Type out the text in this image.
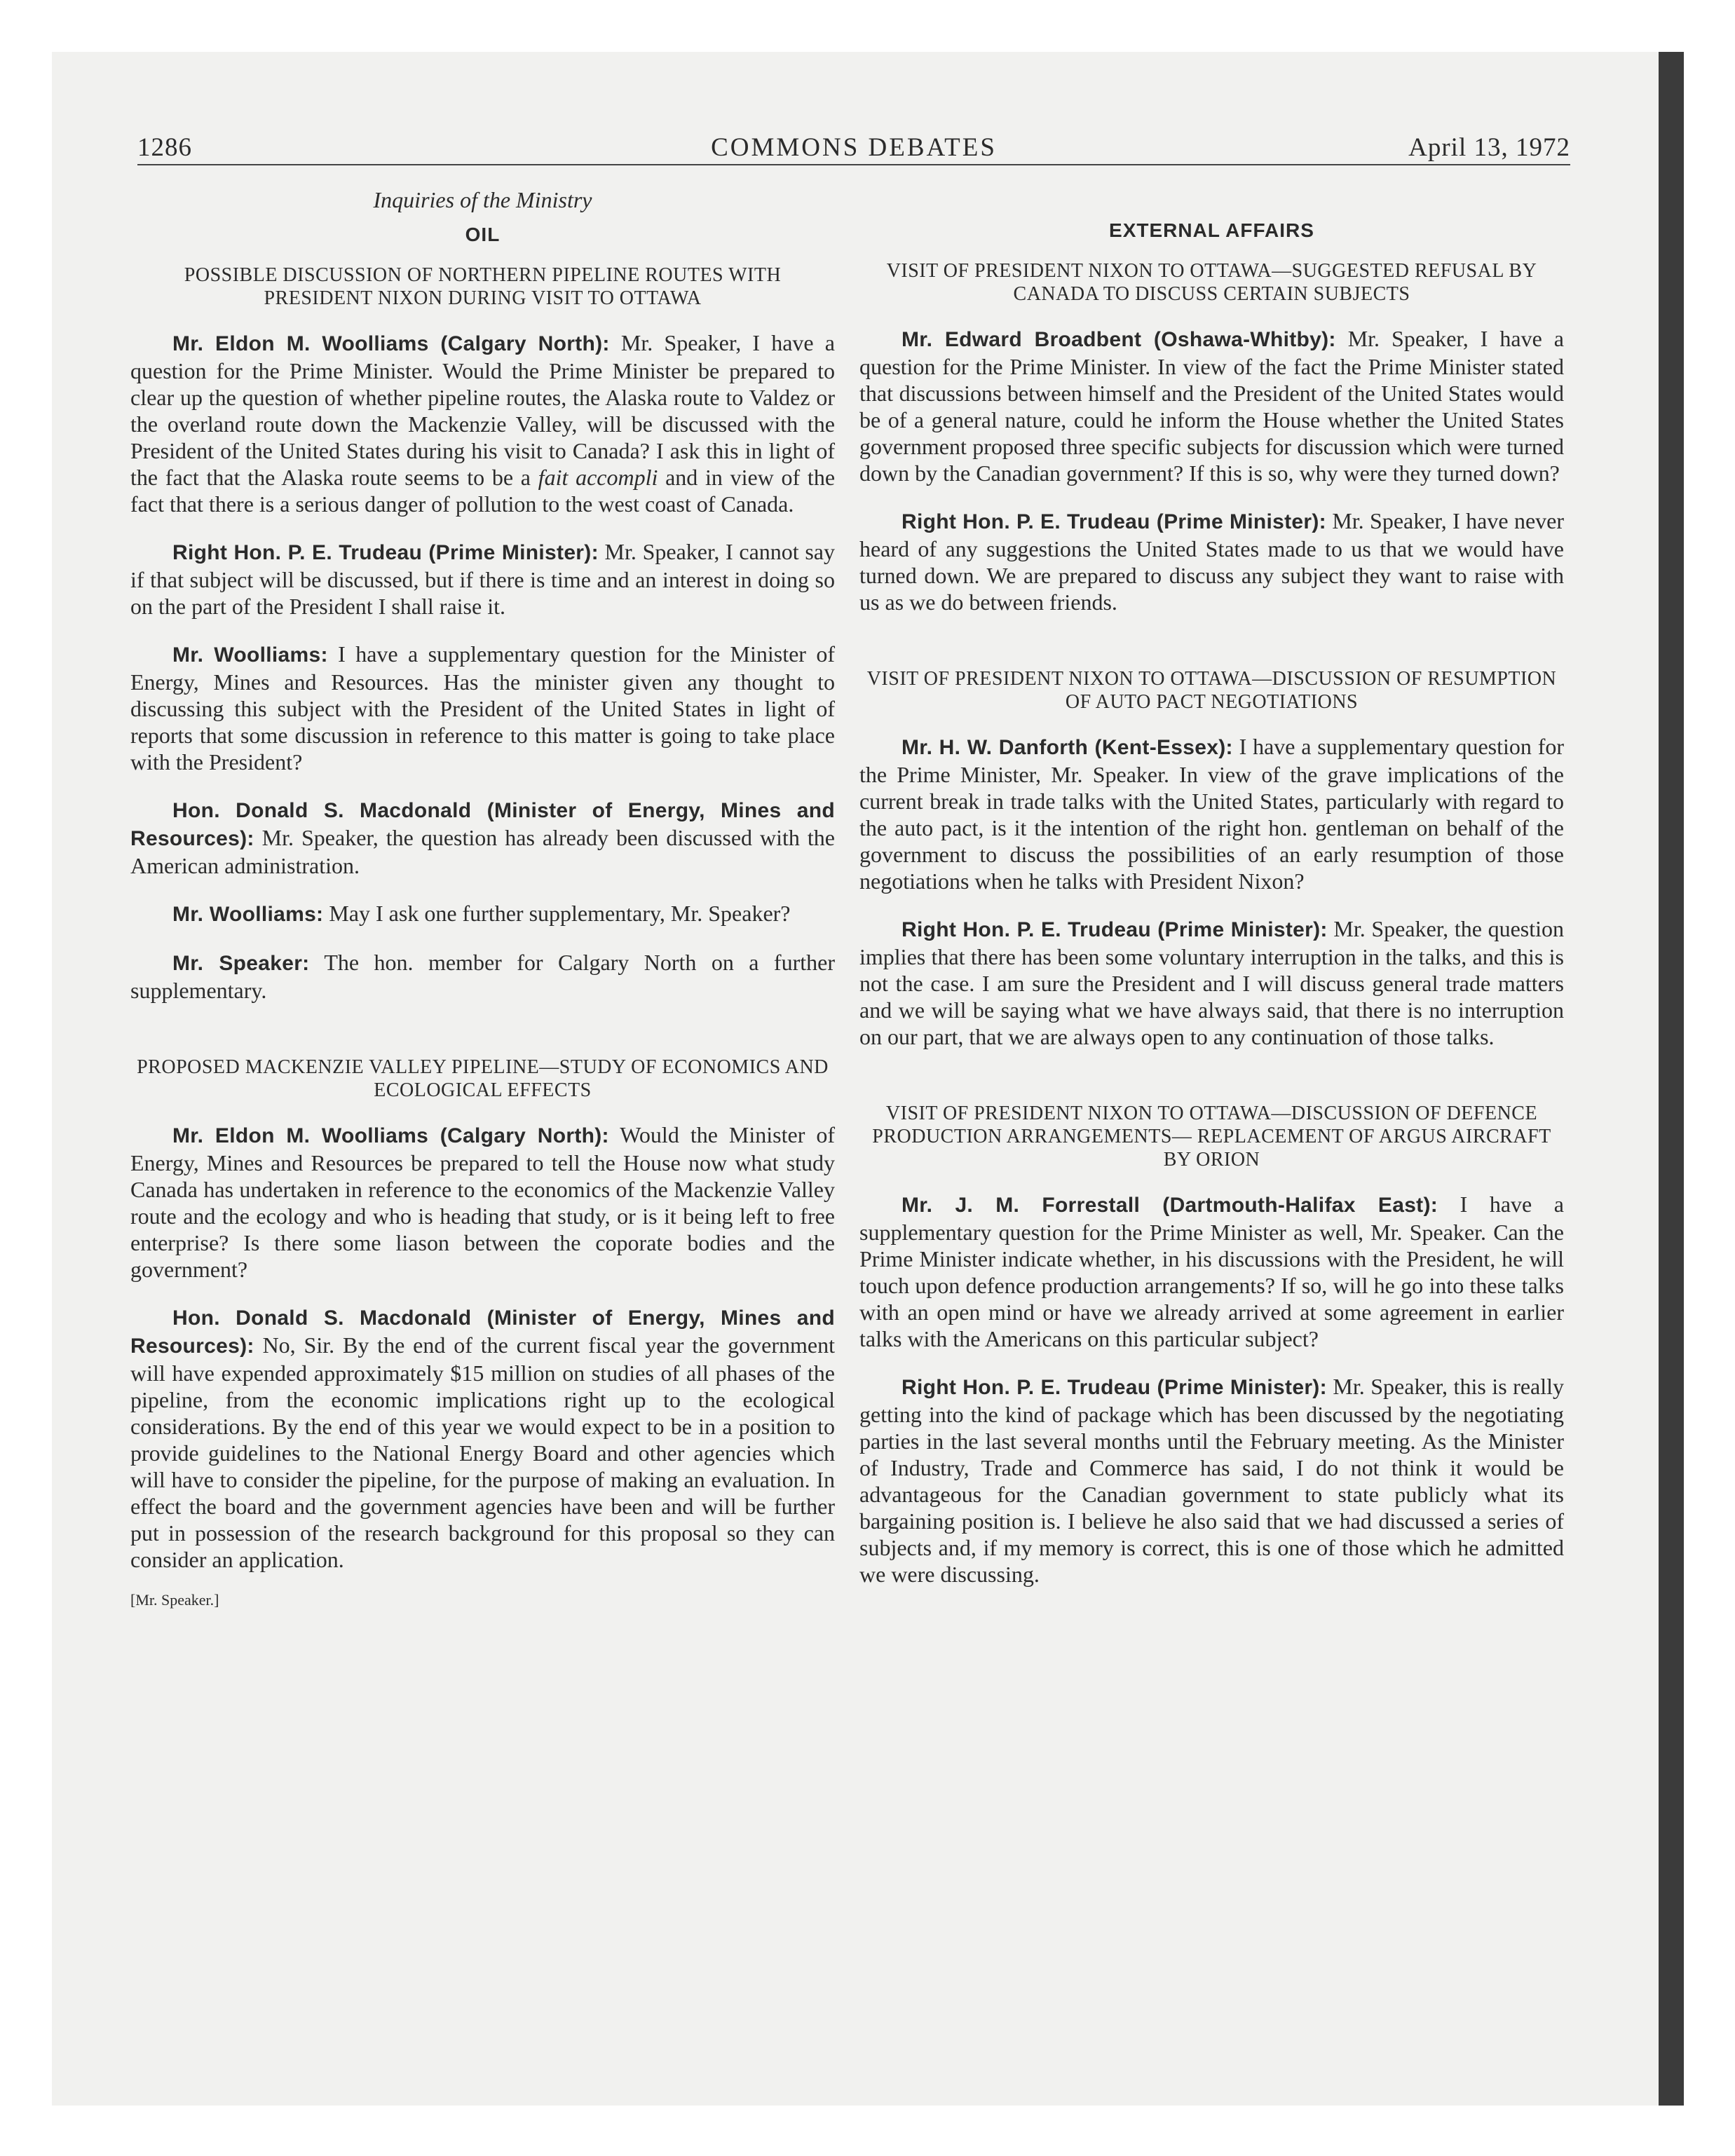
1286	COMMONS DEBATES	April 13, 1972
Inquiries of the Ministry
OIL
POSSIBLE DISCUSSION OF NORTHERN PIPELINE ROUTES WITH PRESIDENT NIXON DURING VISIT TO OTTAWA

Mr. Eldon M. Woolliams (Calgary North): Mr. Speaker, I have a question for the Prime Minister. Would the Prime Minister be prepared to clear up the question of whether pipeline routes, the Alaska route to Valdez or the overland route down the Mackenzie Valley, will be discussed with the President of the United States during his visit to Canada? I ask this in light of the fact that the Alaska route seems to be a fait accompli and in view of the fact that there is a serious danger of pollution to the west coast of Canada.

Right Hon. P. E. Trudeau (Prime Minister): Mr. Speaker, I cannot say if that subject will be discussed, but if there is time and an interest in doing so on the part of the President I shall raise it.

Mr. Woolliams: I have a supplementary question for the Minister of Energy, Mines and Resources. Has the minister given any thought to discussing this subject with the President of the United States in light of reports that some discussion in reference to this matter is going to take place with the President?

Hon. Donald S. Macdonald (Minister of Energy, Mines and Resources): Mr. Speaker, the question has already been discussed with the American administration.

Mr. Woolliams: May I ask one further supplementary, Mr. Speaker?

Mr. Speaker: The hon. member for Calgary North on a further supplementary.

PROPOSED MACKENZIE VALLEY PIPELINE—STUDY OF ECONOMICS AND ECOLOGICAL EFFECTS

Mr. Eldon M. Woolliams (Calgary North): Would the Minister of Energy, Mines and Resources be prepared to tell the House now what study Canada has undertaken in reference to the economics of the Mackenzie Valley route and the ecology and who is heading that study, or is it being left to free enterprise? Is there some liason between the coporate bodies and the government?

Hon. Donald S. Macdonald (Minister of Energy, Mines and Resources): No, Sir. By the end of the current fiscal year the government will have expended approximately $15 million on studies of all phases of the pipeline, from the economic implications right up to the ecological considerations. By the end of this year we would expect to be in a position to provide guidelines to the National Energy Board and other agencies which will have to consider the pipeline, for the purpose of making an evaluation. In effect the board and the government agencies have been and will be further put in possession of the research background for this proposal so they can consider an application.

[Mr. Speaker.]
EXTERNAL AFFAIRS
VISIT OF PRESIDENT NIXON TO OTTAWA—SUGGESTED REFUSAL BY CANADA TO DISCUSS CERTAIN SUBJECTS

Mr. Edward Broadbent (Oshawa-Whitby): Mr. Speaker, I have a question for the Prime Minister. In view of the fact the Prime Minister stated that discussions between himself and the President of the United States would be of a general nature, could he inform the House whether the United States government proposed three specific subjects for discussion which were turned down by the Canadian government? If this is so, why were they turned down?

Right Hon. P. E. Trudeau (Prime Minister): Mr. Speaker, I have never heard of any suggestions the United States made to us that we would have turned down. We are prepared to discuss any subject they want to raise with us as we do between friends.

VISIT OF PRESIDENT NIXON TO OTTAWA—DISCUSSION OF RESUMPTION OF AUTO PACT NEGOTIATIONS

Mr. H. W. Danforth (Kent-Essex): I have a supplementary question for the Prime Minister, Mr. Speaker. In view of the grave implications of the current break in trade talks with the United States, particularly with regard to the auto pact, is it the intention of the right hon. gentleman on behalf of the government to discuss the possibilities of an early resumption of those negotiations when he talks with President Nixon?

Right Hon. P. E. Trudeau (Prime Minister): Mr. Speaker, the question implies that there has been some voluntary interruption in the talks, and this is not the case. I am sure the President and I will discuss general trade matters and we will be saying what we have always said, that there is no interruption on our part, that we are always open to any continuation of those talks.

VISIT OF PRESIDENT NIXON TO OTTAWA—DISCUSSION OF DEFENCE PRODUCTION ARRANGEMENTS— REPLACEMENT OF ARGUS AIRCRAFT BY ORION

Mr. J. M. Forrestall (Dartmouth-Halifax East): I have a supplementary question for the Prime Minister as well, Mr. Speaker. Can the Prime Minister indicate whether, in his discussions with the President, he will touch upon defence production arrangements? If so, will he go into these talks with an open mind or have we already arrived at some agreement in earlier talks with the Americans on this particular subject?

Right Hon. P. E. Trudeau (Prime Minister): Mr. Speaker, this is really getting into the kind of package which has been discussed by the negotiating parties in the last several months until the February meeting. As the Minister of Industry, Trade and Commerce has said, I do not think it would be advantageous for the Canadian government to state publicly what its bargaining position is. I believe he also said that we had discussed a series of subjects and, if my memory is correct, this is one of those which he admitted we were discussing.
